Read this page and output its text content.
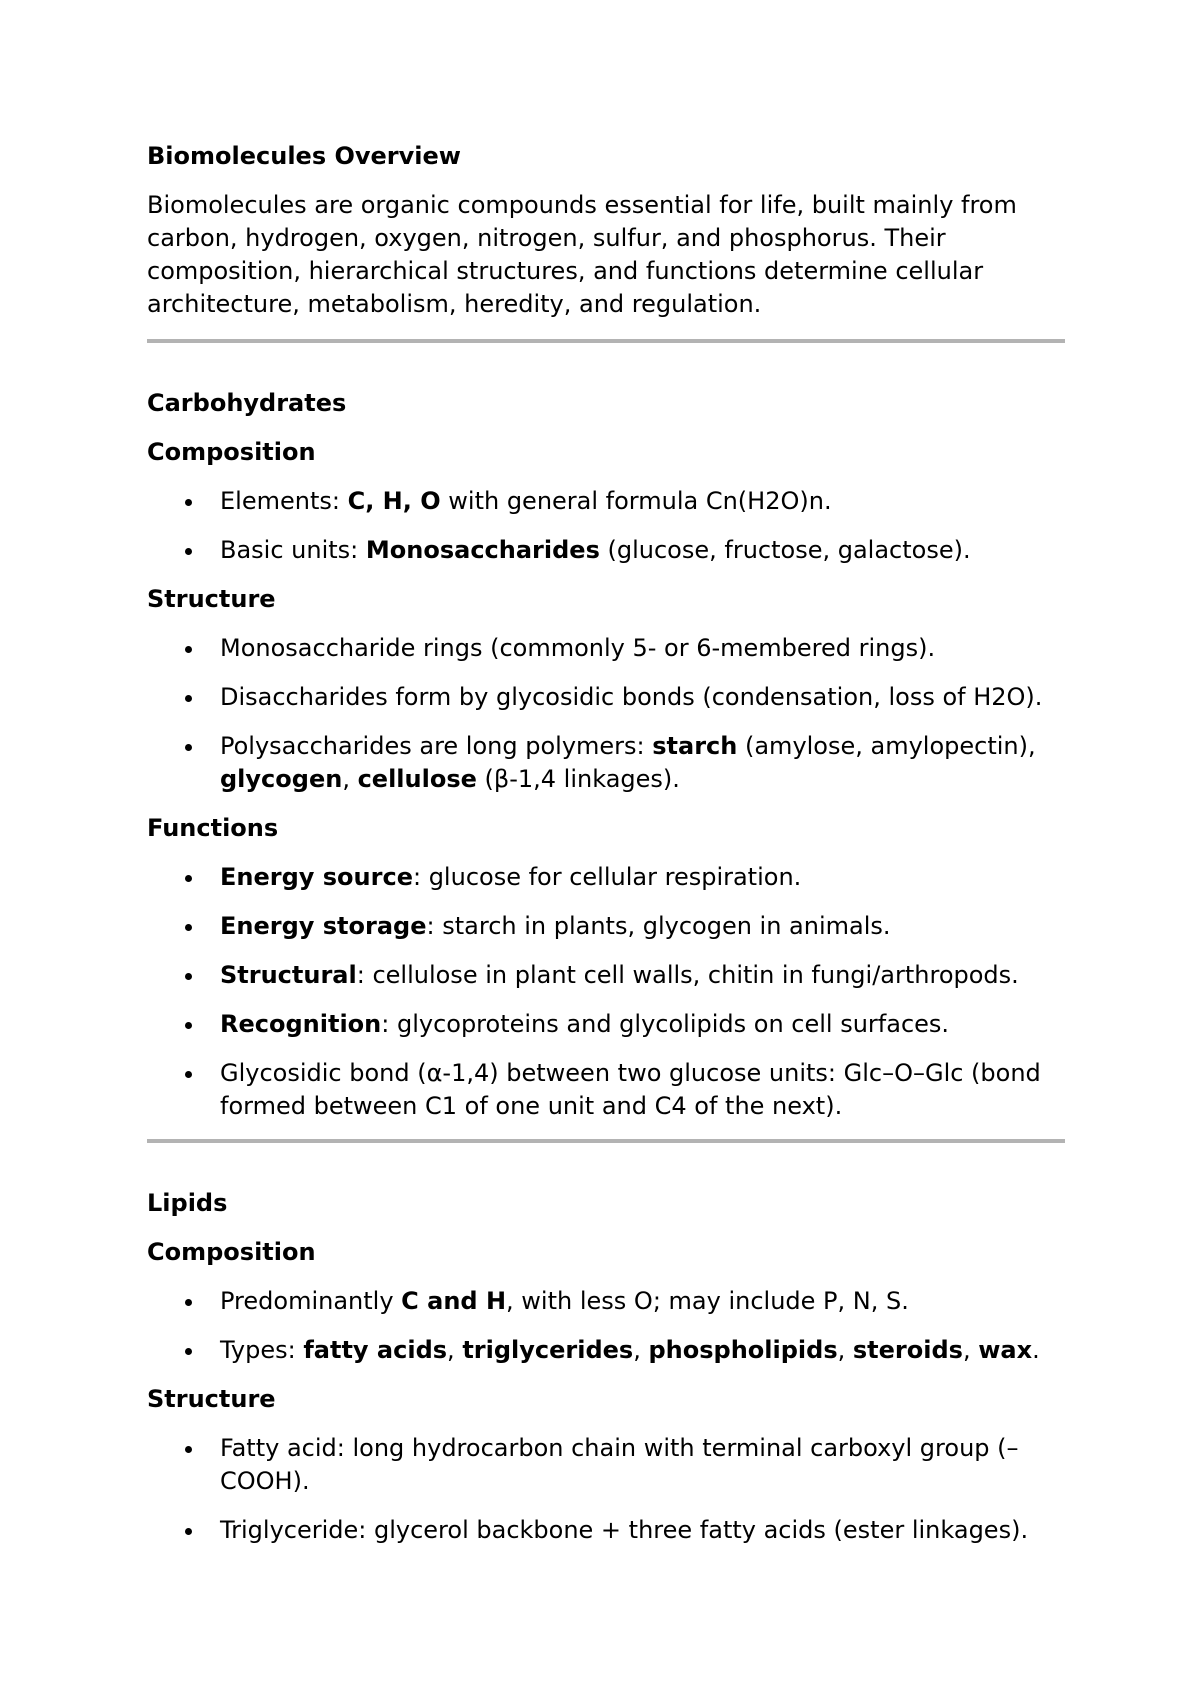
Biomolecules Overview

Biomolecules are organic compounds essential for life, built mainly from carbon, hydrogen, oxygen, nitrogen, sulfur, and phosphorus. Their composition, hierarchical structures, and functions determine cellular architecture, metabolism, heredity, and regulation.

Carbohydrates
Composition
Elements: C, H, O with general formula Cn(H2O)n.
Basic units: Monosaccharides (glucose, fructose, galactose).
Structure
Monosaccharide rings (commonly 5- or 6-membered rings).
Disaccharides form by glycosidic bonds (condensation, loss of H2O).
Polysaccharides are long polymers: starch (amylose, amylopectin), glycogen, cellulose (β-1,4 linkages).
Functions
Energy source: glucose for cellular respiration.
Energy storage: starch in plants, glycogen in animals.
Structural: cellulose in plant cell walls, chitin in fungi/arthropods.
Recognition: glycoproteins and glycolipids on cell surfaces.
Glycosidic bond (α-1,4) between two glucose units: Glc–O–Glc (bond formed between C1 of one unit and C4 of the next).
Lipids
Composition
Predominantly C and H, with less O; may include P, N, S.
Types: fatty acids, triglycerides, phospholipids, steroids, wax.
Structure
Fatty acid: long hydrocarbon chain with terminal carboxyl group (–COOH).
Triglyceride: glycerol backbone + three fatty acids (ester linkages).
